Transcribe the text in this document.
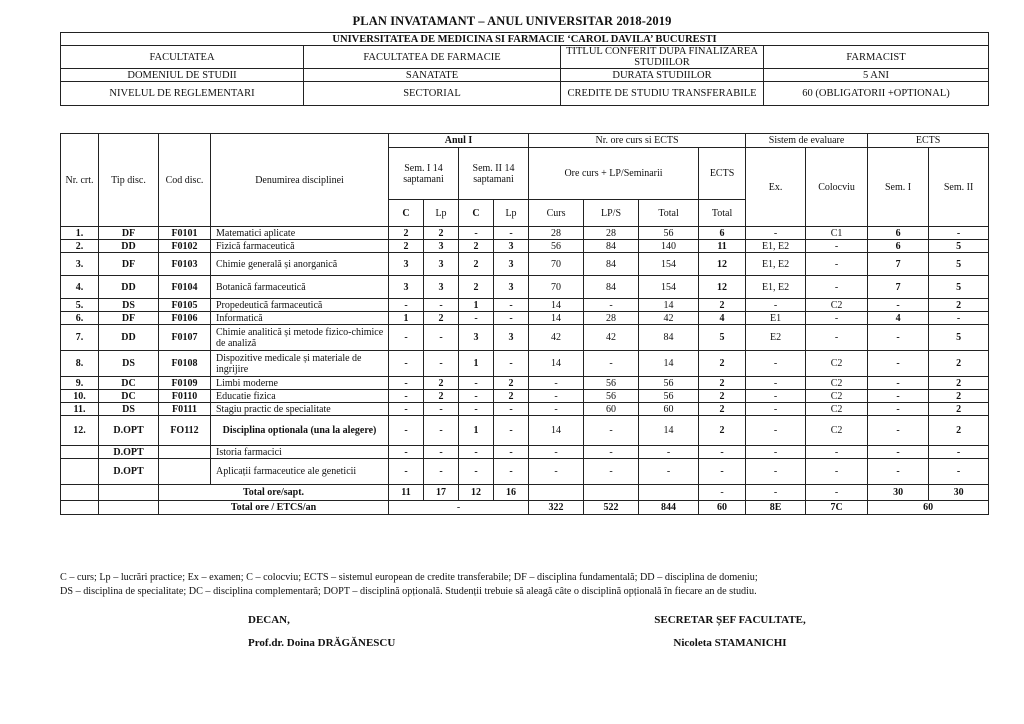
PLAN INVATAMANT – ANUL UNIVERSITAR 2018-2019
UNIVERSITATEA DE MEDICINA SI FARMACIE ‘CAROL DAVILA’ BUCURESTI			
FACULTATEA	FACULTATEA DE FARMACIE	TITLUL CONFERIT DUPA FINALIZAREA STUDIILOR	FARMACIST
DOMENIUL DE STUDII	SANATATE	DURATA STUDIILOR	5 ANI
NIVELUL DE REGLEMENTARI	SECTORIAL	CREDITE DE STUDIU TRANSFERABILE	60 (OBLIGATORII +OPTIONAL)
Nr. crt.	Tip disc.	Cod disc.	Denumirea disciplinei	Anul I				Nr. ore curs si ECTS				Sistem de evaluare		ECTS	
				Sem. I 14 saptamani		Sem. II 14 saptamani		Ore curs + LP/Seminarii			ECTS	Ex.	Colocviu	Sem. I	Sem. II
				C	Lp	C	Lp	Curs	LP/S	Total	Total				
1.	DF	F0101	Matematici aplicate	2	2	-	-	28	28	56	6	-	C1	6	-
2.	DD	F0102	Fizică farmaceutică	2	3	2	3	56	84	140	11	E1, E2	-	6	5
3.	DF	F0103	Chimie generală și anorganică	3	3	2	3	70	84	154	12	E1, E2	-	7	5
4.	DD	F0104	Botanică farmaceutică	3	3	2	3	70	84	154	12	E1, E2	-	7	5
5.	DS	F0105	Propedeutică farmaceutică	-	-	1	-	14	-	14	2	-	C2	-	2
6.	DF	F0106	Informatică	1	2	-	-	14	28	42	4	E1	-	4	-
7.	DD	F0107	Chimie analitică și metode fizico-chimice de analiză	-	-	3	3	42	42	84	5	E2	-	-	5
8.	DS	F0108	Dispozitive medicale și materiale de ingrijire	-	-	1	-	14	-	14	2	-	C2	-	2
9.	DC	F0109	Limbi moderne	-	2	-	2	-	56	56	2	-	C2	-	2
10.	DC	F0110	Educatie fizica	-	2	-	2	-	56	56	2	-	C2	-	2
11.	DS	F0111	Stagiu practic de specialitate	-	-	-	-	-	60	60	2	-	C2	-	2
12.	D.OPT	FO112	Disciplina optionala (una la alegere)	-	-	1	-	14	-	14	2	-	C2	-	2
	D.OPT		Istoria farmacici	-	-	-	-	-	-	-	-	-	-	-	-
	D.OPT		Aplicații farmaceutice ale geneticii	-	-	-	-	-	-	-	-	-	-	-	-
		Total ore/sapt.		11	17	12	16				-	-	-	30	30
		Total ore / ETCS/an		-				322	522	844	60	8E	7C	60	
C – curs; Lp – lucrări practice; Ex – examen; C – colocviu; ECTS – sistemul european de credite transferabile; DF – disciplina fundamentală; DD – disciplina de domeniu;
DS – disciplina de specialitate; DC – disciplina complementară; DOPT – disciplină opțională. Studenții trebuie să aleagă câte o disciplină opțională în fiecare an de studiu.
DECAN,
Prof.dr. Doina DRĂGĂNESCU
SECRETAR ȘEF FACULTATE,
Nicoleta STAMANICHI
